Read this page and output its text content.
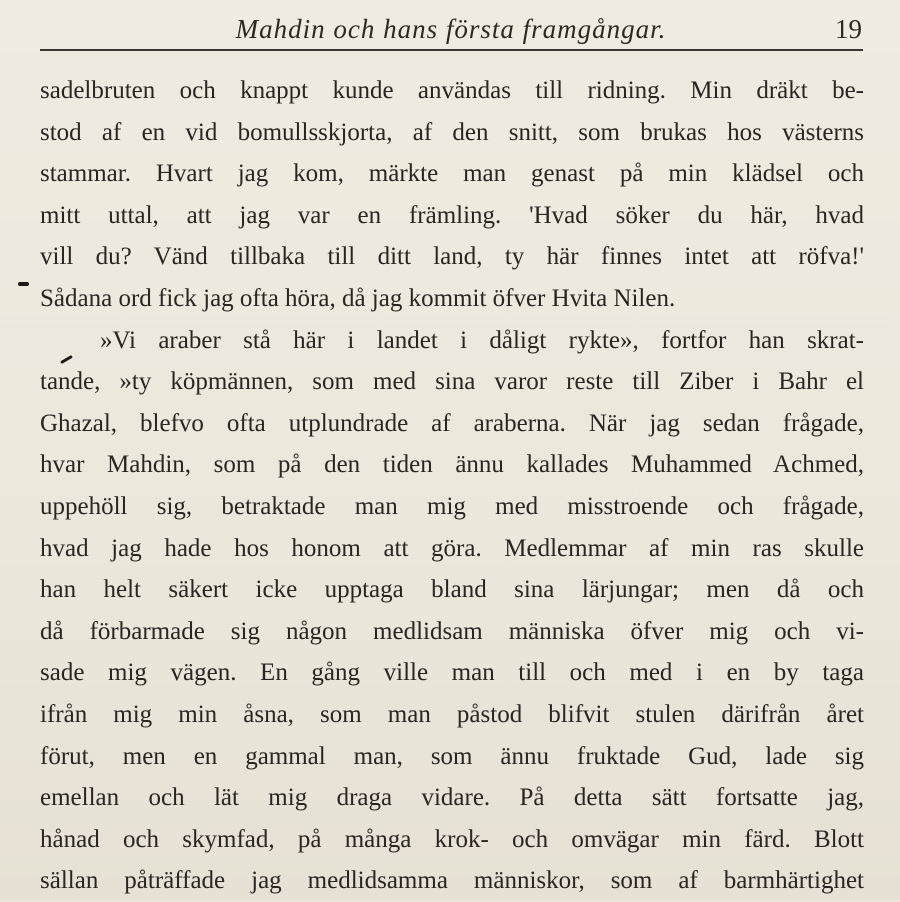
Mahdin och hans första framgångar.	19
sadelbruten och knappt kunde användas till ridning. Min dräkt be-
stod af en vid bomullsskjorta, af den snitt, som brukas hos västerns
stammar. Hvart jag kom, märkte man genast på min klädsel och
mitt uttal, att jag var en främling. 'Hvad söker du här, hvad
vill du? Vänd tillbaka till ditt land, ty här finnes intet att röfva!'
Sådana ord fick jag ofta höra, då jag kommit öfver Hvita Nilen.
»Vi araber stå här i landet i dåligt rykte», fortfor han skrat-
tande, »ty köpmännen, som med sina varor reste till Ziber i Bahr el
Ghazal, blefvo ofta utplundrade af araberna. När jag sedan frågade,
hvar Mahdin, som på den tiden ännu kallades Muhammed Achmed,
uppehöll sig, betraktade man mig med misstroende och frågade,
hvad jag hade hos honom att göra. Medlemmar af min ras skulle
han helt säkert icke upptaga bland sina lärjungar; men då och
då förbarmade sig någon medlidsam människa öfver mig och vi-
sade mig vägen. En gång ville man till och med i en by taga
ifrån mig min åsna, som man påstod blifvit stulen därifrån året
förut, men en gammal man, som ännu fruktade Gud, lade sig
emellan och lät mig draga vidare. På detta sätt fortsatte jag,
hånad och skymfad, på många krok- och omvägar min färd. Blott
sällan påträffade jag medlidsamma människor, som af barmhärtighet
